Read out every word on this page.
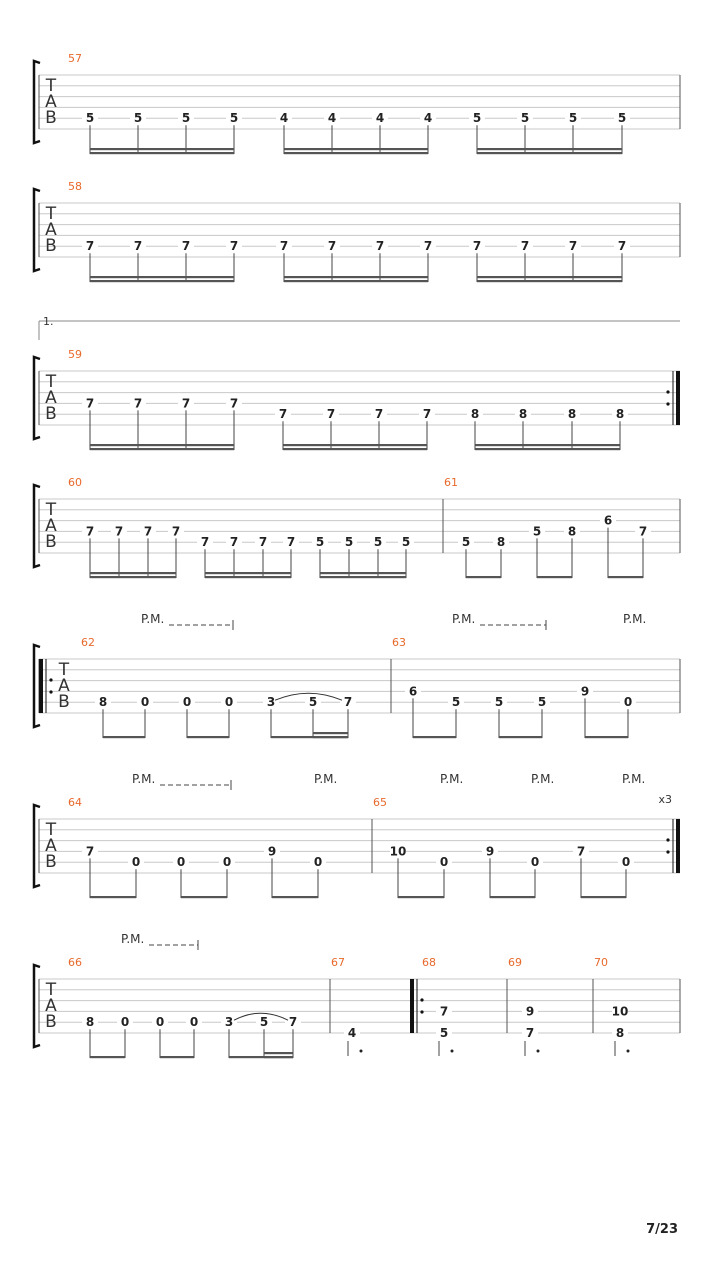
T
A
B
57
5	5	5	5	4	4	4	4	5	5	5	5
T
A
B
58
7	7	7	7	7	7	7	7	7	7	7	7
T
A
B
59
1.
7	7	7	7
7	7	7	7	8	8	8	8
T
A
B
60	61
7 7 7 7
7 7 7 7 5 5 5 5	5 8
5 8
6
7
T
A
B
62	63
8	0	0	0	3	5 7
6
5	5	5
9
0
P.M.	P.M.	P.M.
T
A
B
64	65	x3
7
0	0	0
9
0
10
0
9
0
7
0
P.M.	P.M.	P.M.	P.M.	P.M.
T
A
B
66	67	68	69	70
8 0 0 0 3 5 7
4
7
5
9
7
10
8
P.M.
7/23
